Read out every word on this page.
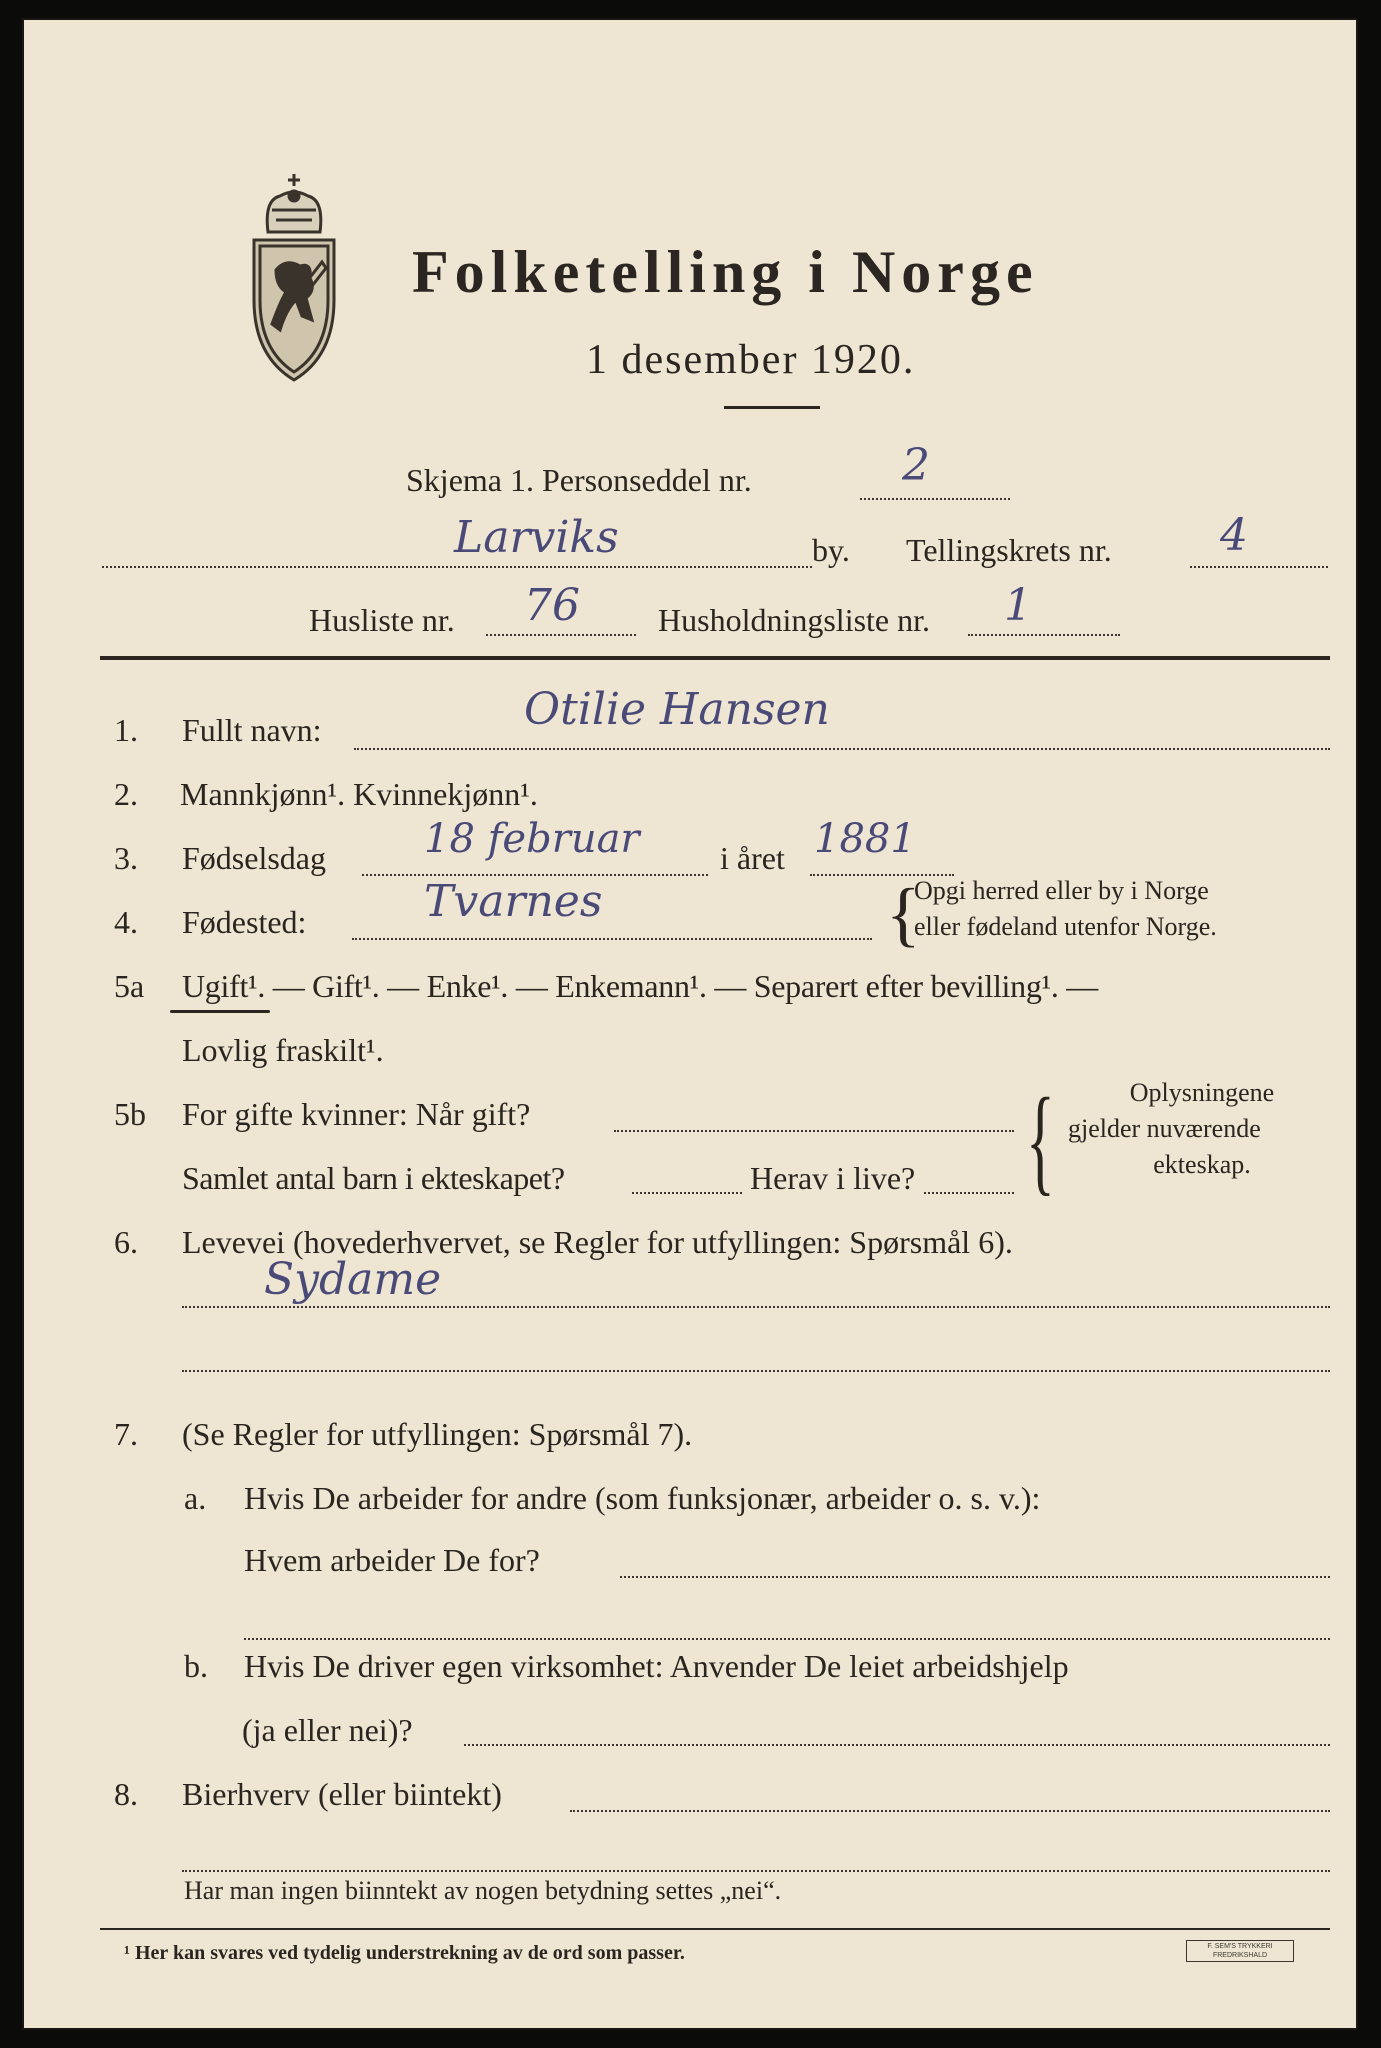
Folketelling i Norge
1 desember 1920.
Skjema 1. Personseddel nr.	2
Larviks	by. Tellingskrets nr. 4
Husliste nr. 76 Husholdningsliste nr. 1
1. Fullt navn:	Otilie Hansen
2. Mannkjønn¹. Kvinnekjønn¹.
3. Fødselsdag 18 februar	i året 1881
4. Fødested:	Tvarnes	{
Opgi herred eller by i Norge
eller fødeland utenfor Norge.
5a Ugift¹. — Gift¹. — Enke¹. — Enkemann¹. — Separert efter bevilling¹. —
Lovlig fraskilt¹.
5b For gifte kvinner: Når gift?
Samlet antal barn i ekteskapet?	Herav i live? {	Oplysningene
gjelder nuværende
ekteskap.
6. Levevei (hovederhvervet, se Regler for utfyllingen: Spørsmål 6).
Sydame
7. (Se Regler for utfyllingen: Spørsmål 7).
a. Hvis De arbeider for andre (som funksjonær, arbeider o. s. v.):
Hvem arbeider De for?
b. Hvis De driver egen virksomhet: Anvender De leiet arbeidshjelp
(ja eller nei)?
8. Bierhverv (eller biintekt)
Har man ingen biinntekt av nogen betydning settes „nei“.
¹ Her kan svares ved tydelig understrekning av de ord som passer.	F. SEM'S TRYKKERI
FREDRIKSHALD
